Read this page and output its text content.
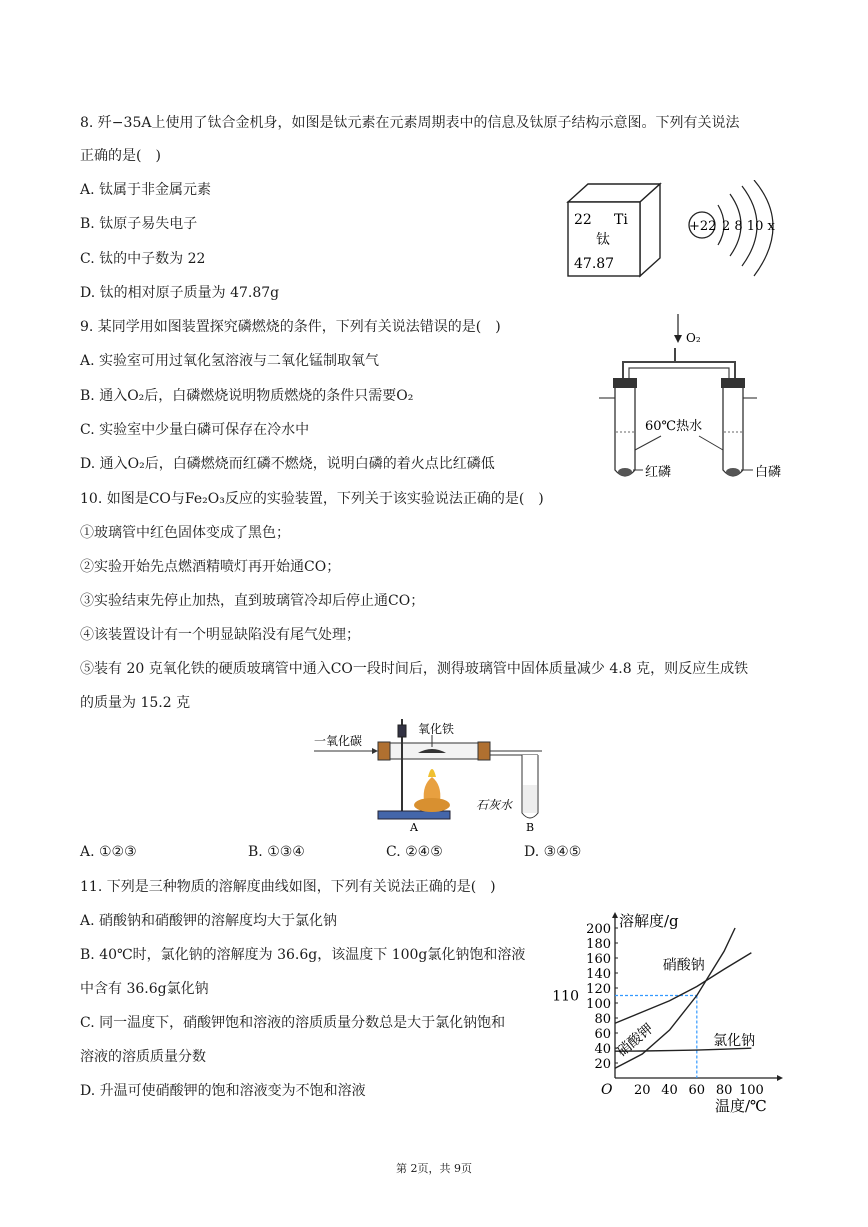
8. 歼−35A上使用了钛合金机身，如图是钛元素在元素周期表中的信息及钛原子结构示意图。下列有关说法
正确的是(　)
A. 钛属于非金属元素
B. 钛原子易失电子
C. 钛的中子数为 22
D. 钛的相对原子质量为 47.87g
22 Ti
钛
47.87
+22 2 8 10 x
9. 某同学用如图装置探究磷燃烧的条件，下列有关说法错误的是(　)
A. 实验室可用过氧化氢溶液与二氧化锰制取氧气
B. 通入O₂后，白磷燃烧说明物质燃烧的条件只需要O₂
C. 实验室中少量白磷可保存在冷水中
D. 通入O₂后，白磷燃烧而红磷不燃烧，说明白磷的着火点比红磷低
O₂
60℃热水
红磷	白磷
10. 如图是CO与Fe₂O₃反应的实验装置，下列关于该实验说法正确的是(　)
①玻璃管中红色固体变成了黑色；
②实验开始先点燃酒精喷灯再开始通CO；
③实验结束先停止加热，直到玻璃管冷却后停止通CO；
④该装置设计有一个明显缺陷没有尾气处理；
⑤装有 20 克氧化铁的硬质玻璃管中通入CO一段时间后，测得玻璃管中固体质量减少 4.8 克，则反应生成铁
的质量为 15.2 克
一氧化碳
氧化铁
石灰水
A	B
A. ①②③	B. ①③④	C. ②④⑤	D. ③④⑤
11. 下列是三种物质的溶解度曲线如图，下列有关说法正确的是(　)
A. 硝酸钠和硝酸钾的溶解度均大于氯化钠
B. 40℃时，氯化钠的溶解度为 36.6g，该温度下 100g氯化钠饱和溶液
中含有 36.6g氯化钠
C. 同一温度下，硝酸钾饱和溶液的溶质质量分数总是大于氯化钠饱和
溶液的溶质质量分数
D. 升温可使硝酸钾的饱和溶液变为不饱和溶液	O 20 40 60 80 100
20
40
60
80
100
120
140
160
180
200
110
硝酸钠
硝酸钾	氯化钠
溶解度/g
温度/℃
第 2页，共 9页
